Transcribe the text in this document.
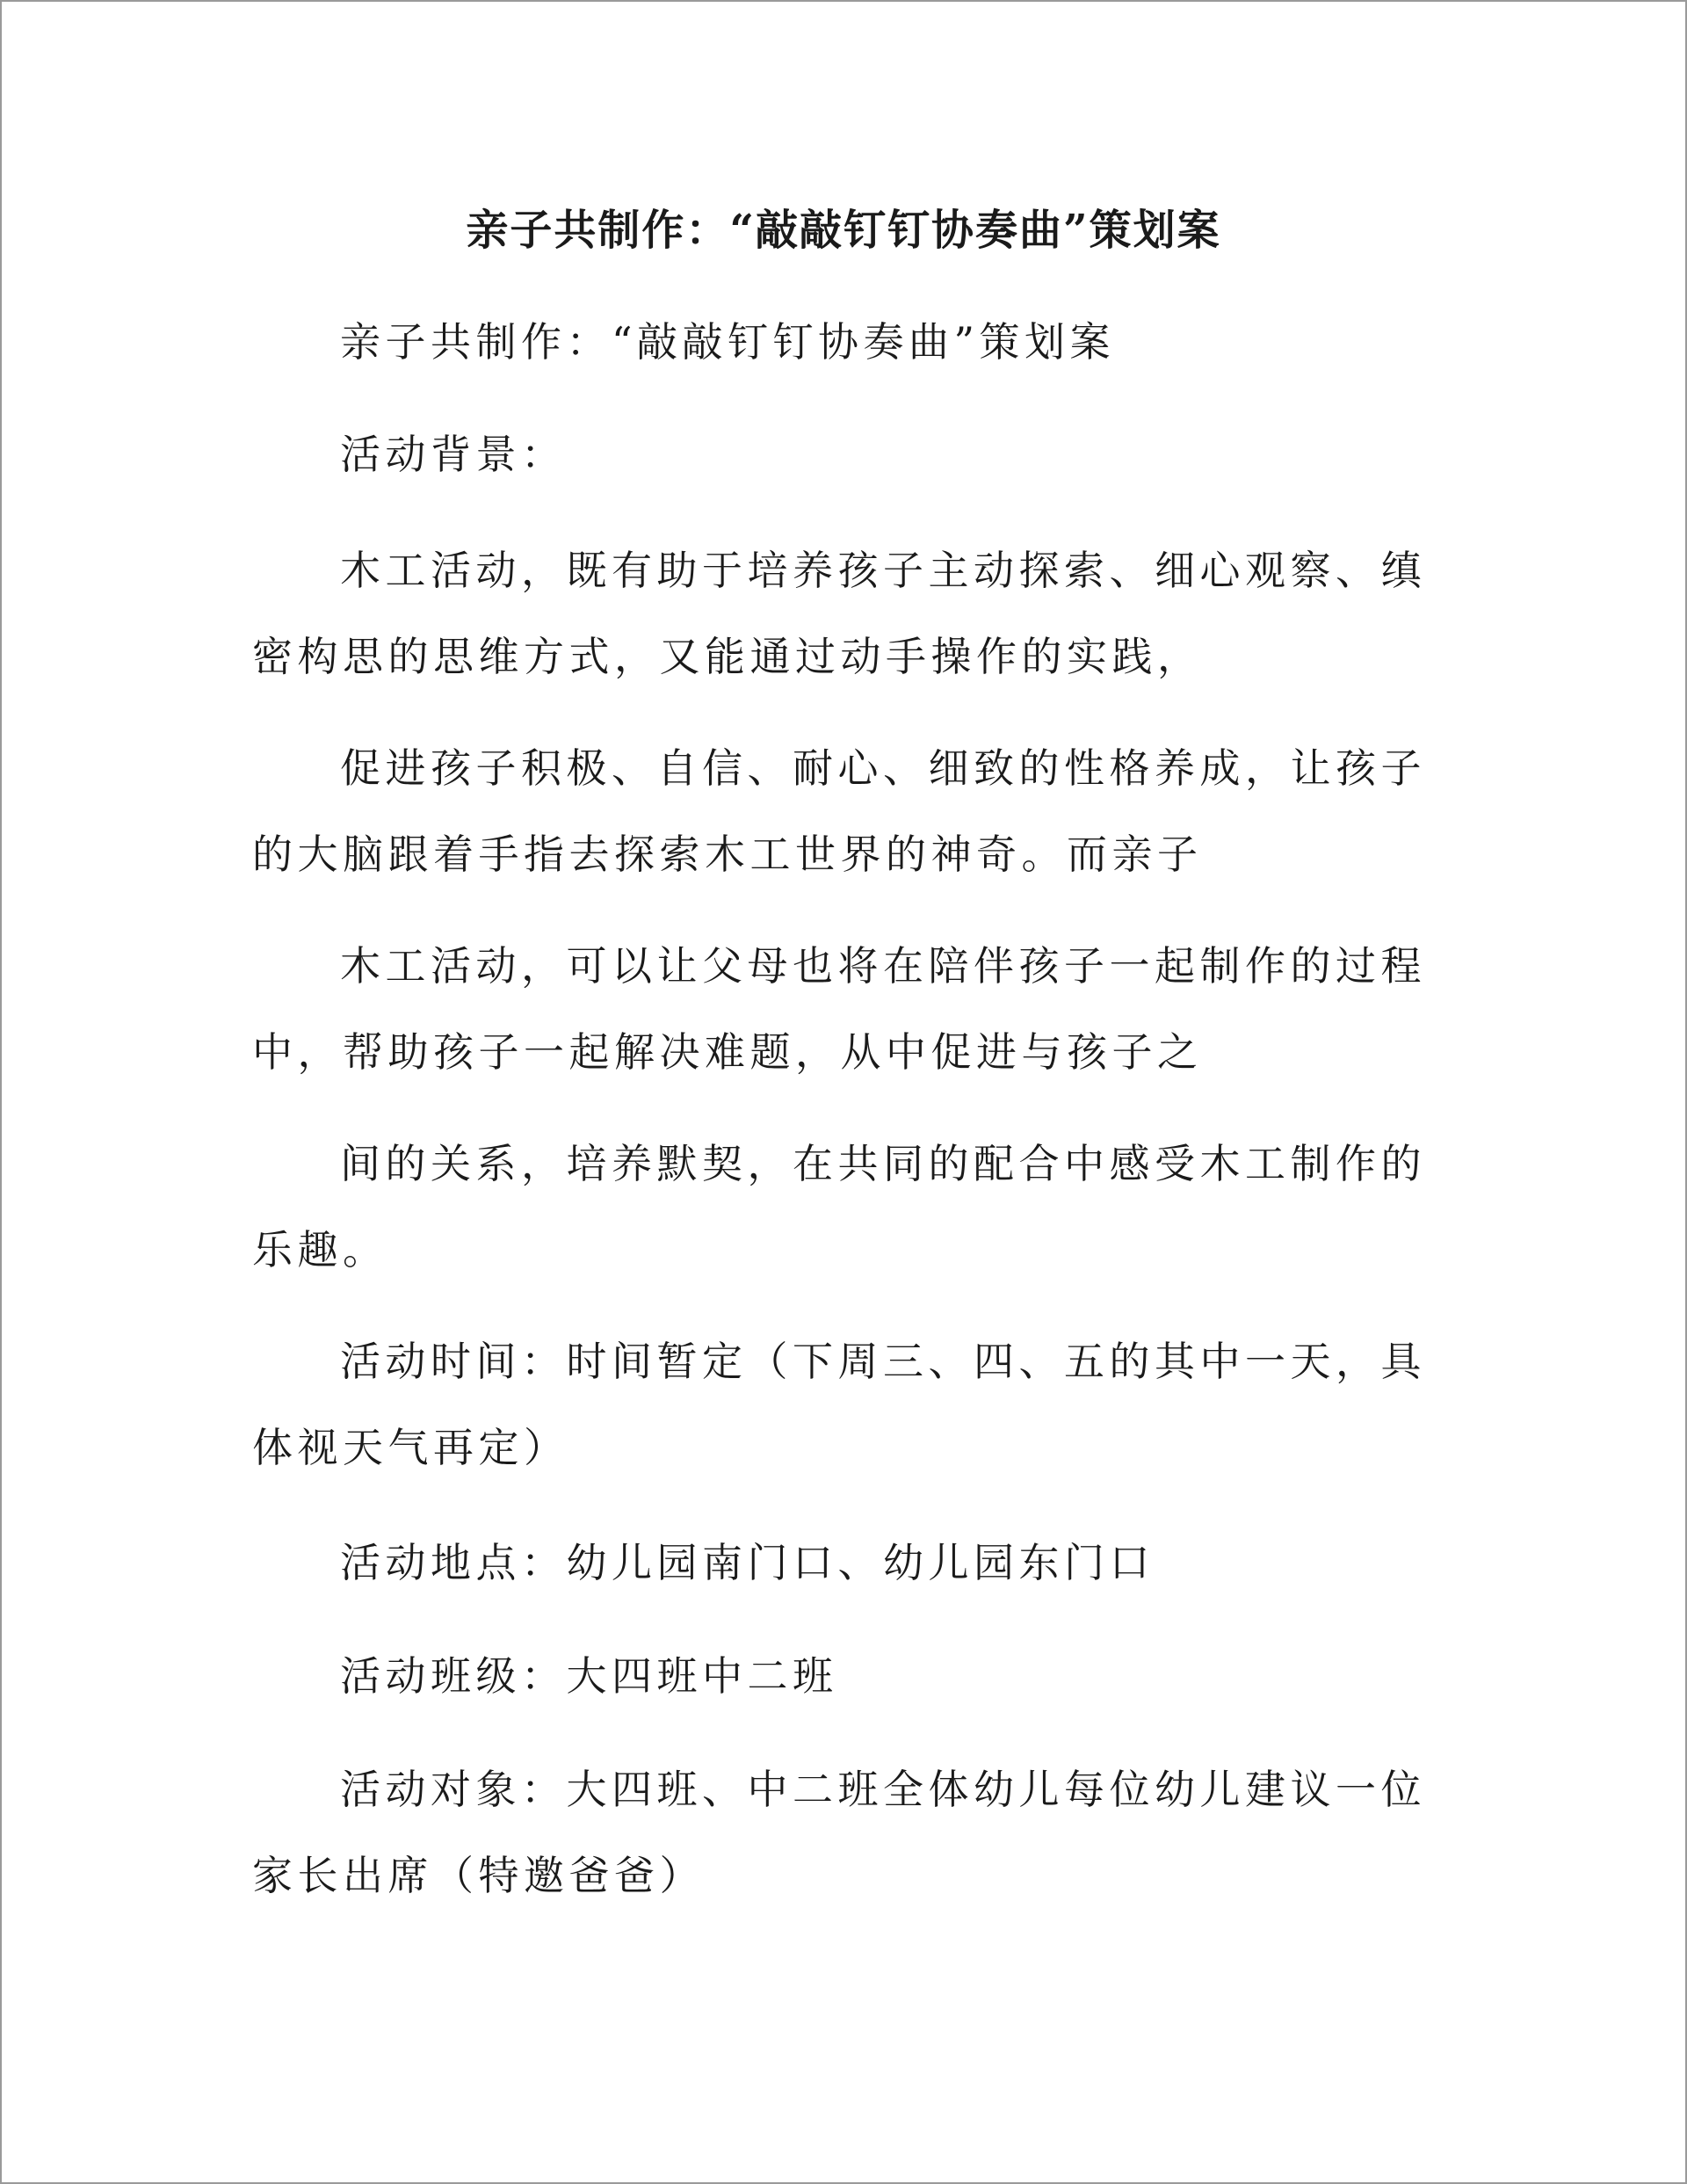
亲子共制作：“敲敲钉钉协奏曲”策划案
亲子共制作：“敲敲钉钉协奏曲”策划案
活动背景：
木工活动，既有助于培养孩子主动探索、细心观察、缜密构思的思维方式，又能通过动手操作的实践，
促进孩子积极、自信、耐心、细致的性格养成，让孩子的大脑跟着手指去探索木工世界的神奇。而亲子
木工活动，可以让父母也将在陪伴孩子一起制作的过程中，帮助孩子一起解决难题，从中促进与孩子之
间的关系，培养默契，在共同的配合中感受木工制作的乐趣。
活动时间：时间暂定（下周三、四、五的其中一天，具体视天气再定）
活动地点：幼儿园南门口、幼儿园东门口
活动班级：大四班中二班
活动对象：大四班、中二班全体幼儿每位幼儿建议一位家长出席（特邀爸爸）
